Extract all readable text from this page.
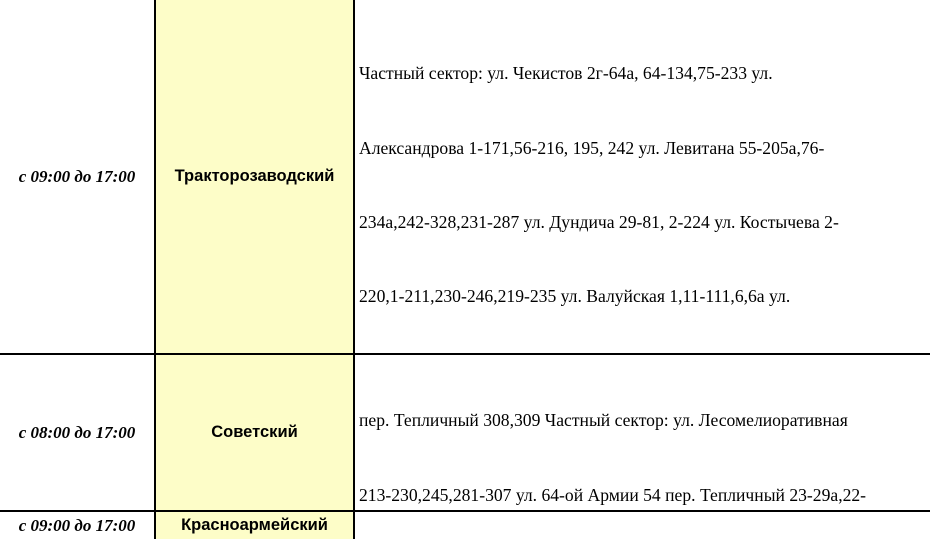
с 09:00 до 17:00	Тракторозаводский

Частный сектор: ул. Чекистов 2г-64а, 64-134,75-233 ул.

Александрова 1-171,56-216, 195, 242 ул. Левитана 55-205а,76-

234а,242-328,231-287 ул. Дундича 29-81, 2-224 ул. Костычева 2-

220,1-211,230-246,219-235 ул. Валуйская 1,11-111,6,6а ул.

с 08:00 до 17:00	Советский

пер. Тепличный 308,309 Частный сектор: ул. Лесомелиоративная

213-230,245,281-307 ул. 64-ой Армии 54 пер. Тепличный 23-29а,22-

с 09:00 до 17:00	Красноармейский
